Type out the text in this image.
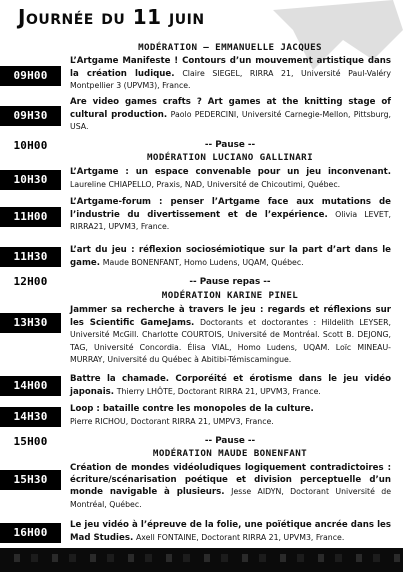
Journée du 11 juin
MODÉRATION – EMMANUELLE JACQUES
09H00
L’Artgame Manifeste ! Contours d’un mouvement artistique dans la création ludique. Claire SIEGEL, RIRRA 21, Université Paul-Valéry Montpellier 3 (UPVM3), France.
09H30
Are video games crafts ? Art games at the knitting stage of cultural production. Paolo PEDERCINI, Université Carnegie-Mellon, Pittsburg, USA.
10H00	-- Pause --
MODÉRATION LUCIANO GALLINARI
10H30
L’Artgame : un espace convenable pour un jeu inconvenant. Laureline CHIAPELLO, Praxis, NAD, Université de Chicoutimi, Québec.
11H00
L’Artgame-forum : penser l’Artgame face aux mutations de l’industrie du divertissement et de l’expérience. Olivia LEVET, RIRRA21, UPVM3, France.
11H30	L’art du jeu : réflexion sociosémiotique sur la part d’art dans le game. Maude BONENFANT, Homo Ludens, UQAM, Québec.
12H00	-- Pause repas --
MODÉRATION KARINE PINEL
13H30
Jammer sa recherche à travers le jeu : regards et réflexions sur les Scientific GameJams. Doctorants et doctorantes : Hildelith LEYSER, Université McGill. Charlotte COURTOIS, Université de Montréal. Scott B. DEJONG, TAG, Université Concordia. Élisa VIAL, Homo Ludens, UQAM. Loïc MINEAU-MURRAY, Université du Québec à Abitibi-Témiscamingue.
14H00	Battre la chamade. Corporéité et érotisme dans le jeu vidéo japonais. Thierry LHÔTE, Doctorant RIRRA 21, UPVM3, France.
14H30
Loop : bataille contre les monopoles de la culture.
Pierre RICHOU, Doctorant RIRRA 21, UMPV3, France.
15H00	-- Pause --
MODÉRATION MAUDE BONENFANT
15H30
Création de mondes vidéoludiques logiquement contradictoires : écriture/scénarisation poétique et division perceptuelle d’un monde navigable à plusieurs. Jesse AIDYN, Doctorant Université de Montréal, Québec.
16H00
Le jeu vidéo à l’épreuve de la folie, une poïétique ancrée dans les Mad Studies. Axell FONTAINE, Doctorant RIRRA 21, UPVM3, France.
